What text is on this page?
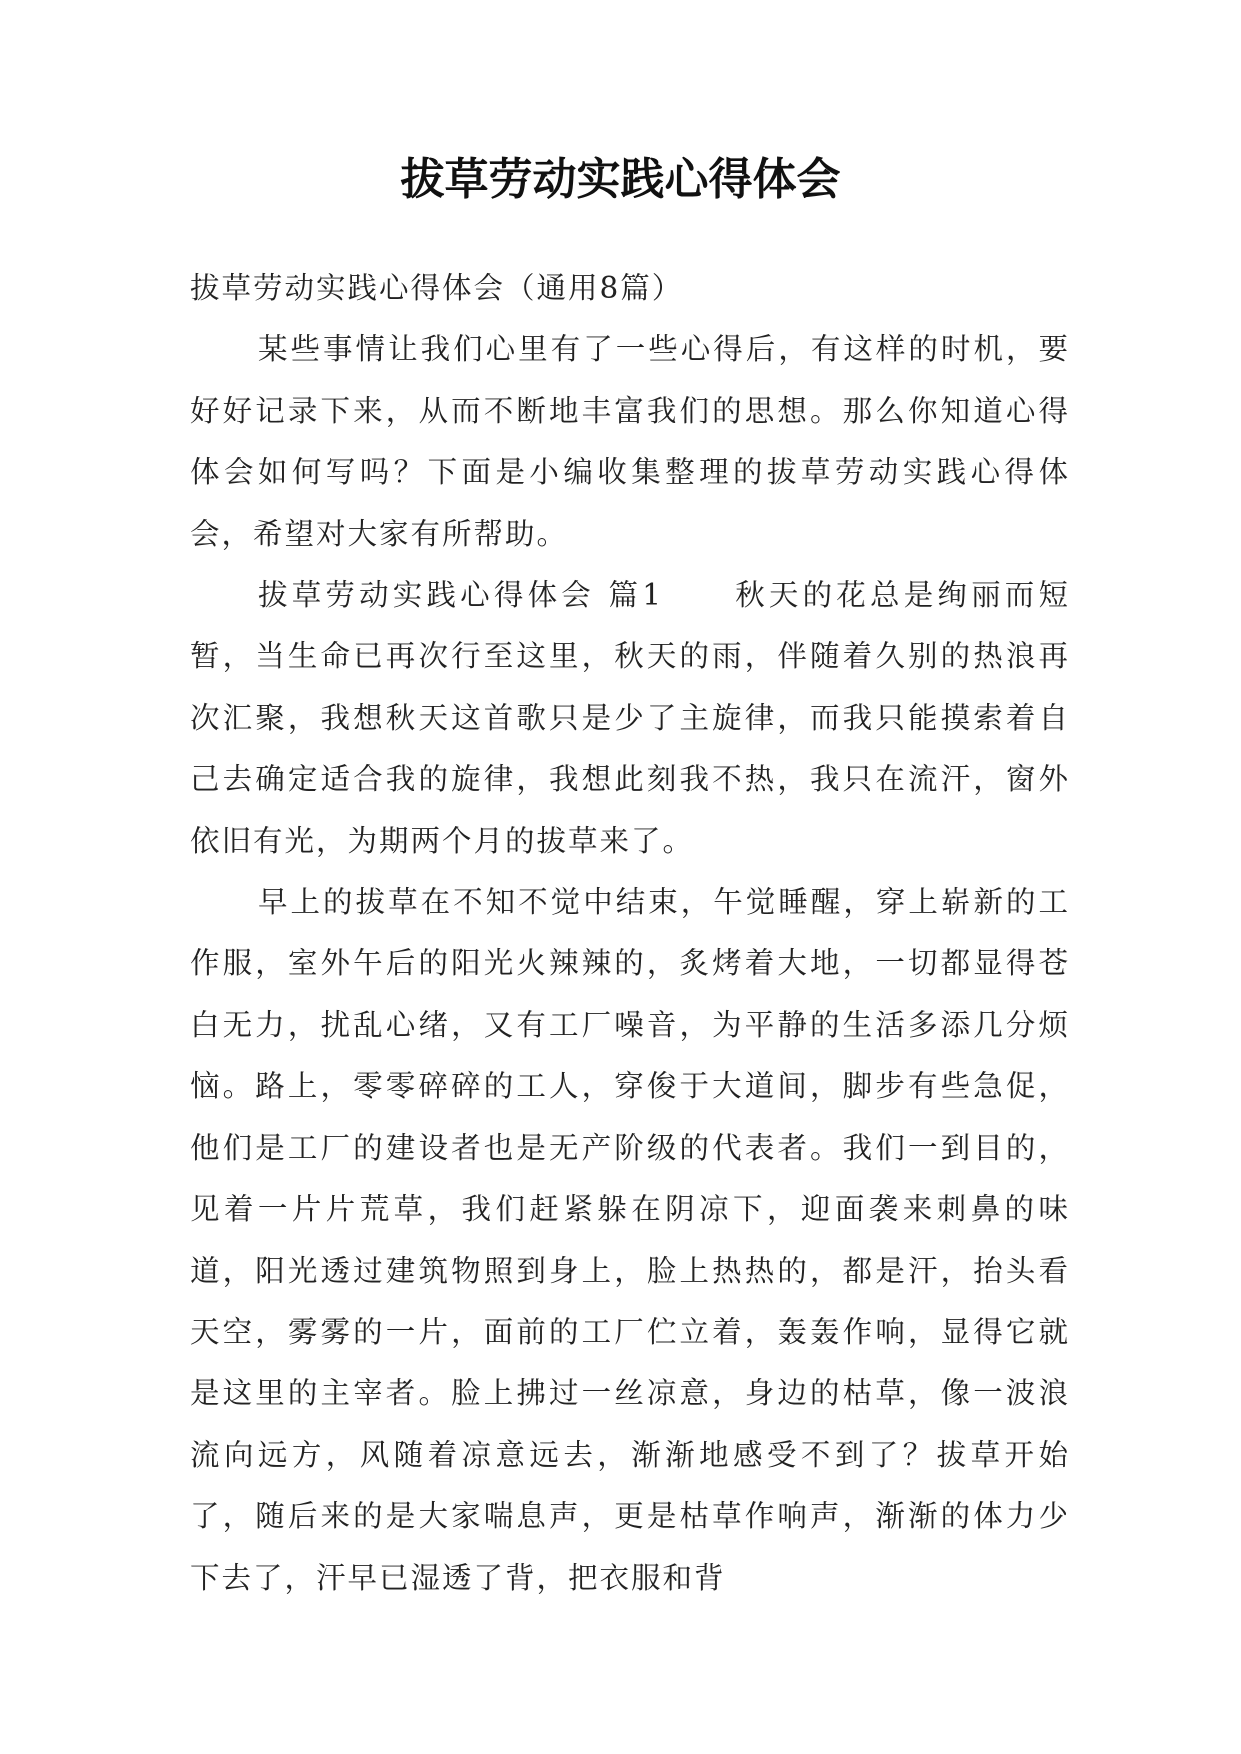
拔草劳动实践心得体会

拔草劳动实践心得体会（通用8篇）

某些事情让我们心里有了一些心得后，有这样的时机，要好好记录下来，从而不断地丰富我们的思想。那么你知道心得体会如何写吗？下面是小编收集整理的拔草劳动实践心得体会，希望对大家有所帮助。

拔草劳动实践心得体会 篇1 秋天的花总是绚丽而短暂，当生命已再次行至这里，秋天的雨，伴随着久别的热浪再次汇聚，我想秋天这首歌只是少了主旋律，而我只能摸索着自己去确定适合我的旋律，我想此刻我不热，我只在流汗，窗外依旧有光，为期两个月的拔草来了。

早上的拔草在不知不觉中结束，午觉睡醒，穿上崭新的工作服，室外午后的阳光火辣辣的，炙烤着大地，一切都显得苍白无力，扰乱心绪，又有工厂噪音，为平静的生活多添几分烦恼。路上，零零碎碎的工人，穿俊于大道间，脚步有些急促，他们是工厂的建设者也是无产阶级的代表者。我们一到目的，见着一片片荒草，我们赶紧躲在阴凉下，迎面袭来刺鼻的味道，阳光透过建筑物照到身上，脸上热热的，都是汗，抬头看天空，雾雾的一片，面前的工厂伫立着，轰轰作响，显得它就是这里的主宰者。脸上拂过一丝凉意，身边的枯草，像一波浪流向远方，风随着凉意远去，渐渐地感受不到了？拔草开始了，随后来的是大家喘息声，更是枯草作响声，渐渐的体力少下去了，汗早已湿透了背，把衣服和背
